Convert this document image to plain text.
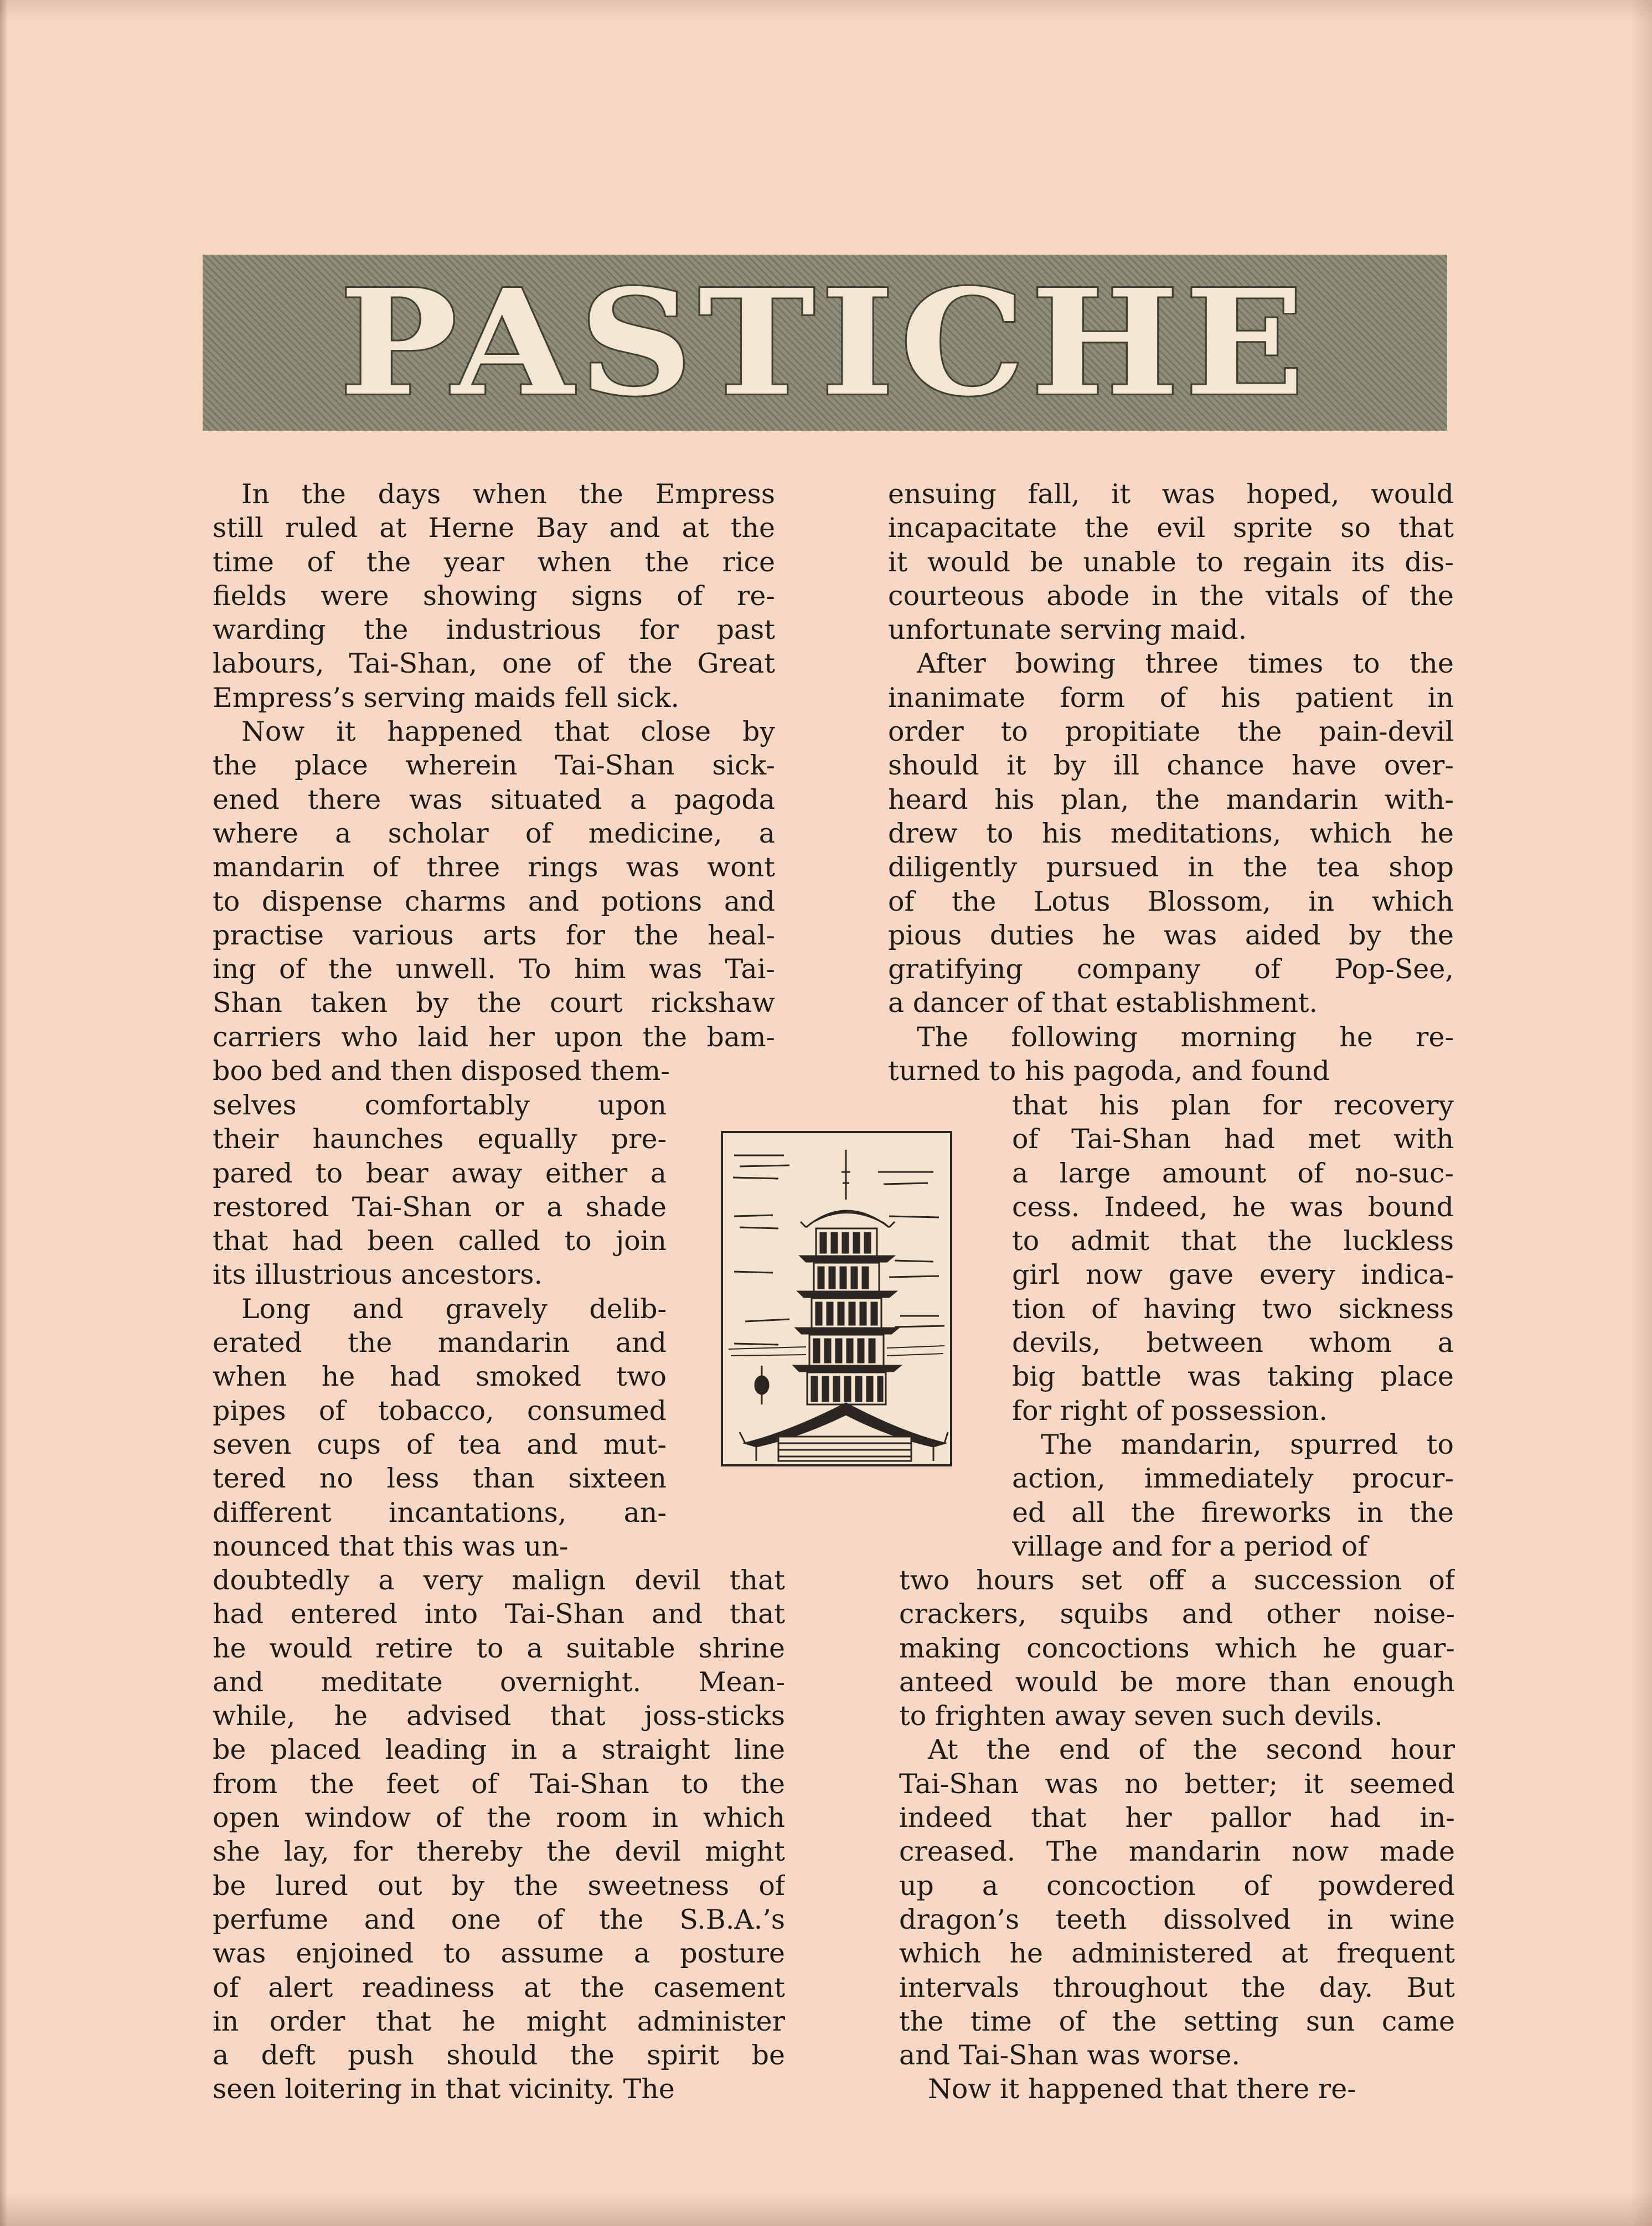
PASTICHE
In the days when the Empress
still ruled at Herne Bay and at the
time of the year when the rice
fields were showing signs of re-
warding the industrious for past
labours, Tai-Shan, one of the Great
Empress’s serving maids fell sick.
Now it happened that close by
the place wherein Tai-Shan sick-
ened there was situated a pagoda
where a scholar of medicine, a
mandarin of three rings was wont
to dispense charms and potions and
practise various arts for the heal-
ing of the unwell. To him was Tai-
Shan taken by the court rickshaw
carriers who laid her upon the bam-
boo bed and then disposed them-
selves comfortably upon
their haunches equally pre-
pared to bear away either a
restored Tai-Shan or a shade
that had been called to join
its illustrious ancestors.
Long and gravely delib-
erated the mandarin and
when he had smoked two
pipes of tobacco, consumed
seven cups of tea and mut-
tered no less than sixteen
different incantations, an-
nounced that this was un-
doubtedly a very malign devil that
had entered into Tai-Shan and that
he would retire to a suitable shrine
and meditate overnight. Mean-
while, he advised that joss-sticks
be placed leading in a straight line
from the feet of Tai-Shan to the
open window of the room in which
she lay, for thereby the devil might
be lured out by the sweetness of
perfume and one of the S.B.A.’s
was enjoined to assume a posture
of alert readiness at the casement
in order that he might administer
a deft push should the spirit be
seen loitering in that vicinity. The
ensuing fall, it was hoped, would
incapacitate the evil sprite so that
it would be unable to regain its dis-
courteous abode in the vitals of the
unfortunate serving maid.
After bowing three times to the
inanimate form of his patient in
order to propitiate the pain-devil
should it by ill chance have over-
heard his plan, the mandarin with-
drew to his meditations, which he
diligently pursued in the tea shop
of the Lotus Blossom, in which
pious duties he was aided by the
gratifying company of Pop-See,
a dancer of that establishment.
The following morning he re-
turned to his pagoda, and found
that his plan for recovery
of Tai-Shan had met with
a large amount of no-suc-
cess. Indeed, he was bound
to admit that the luckless
girl now gave every indica-
tion of having two sickness
devils, between whom a
big battle was taking place
for right of possession.
The mandarin, spurred to
action, immediately procur-
ed all the fireworks in the
village and for a period of
two hours set off a succession of
crackers, squibs and other noise-
making concoctions which he guar-
anteed would be more than enough
to frighten away seven such devils.
At the end of the second hour
Tai-Shan was no better; it seemed
indeed that her pallor had in-
creased. The mandarin now made
up a concoction of powdered
dragon’s teeth dissolved in wine
which he administered at frequent
intervals throughout the day. But
the time of the setting sun came
and Tai-Shan was worse.
Now it happened that there re-
